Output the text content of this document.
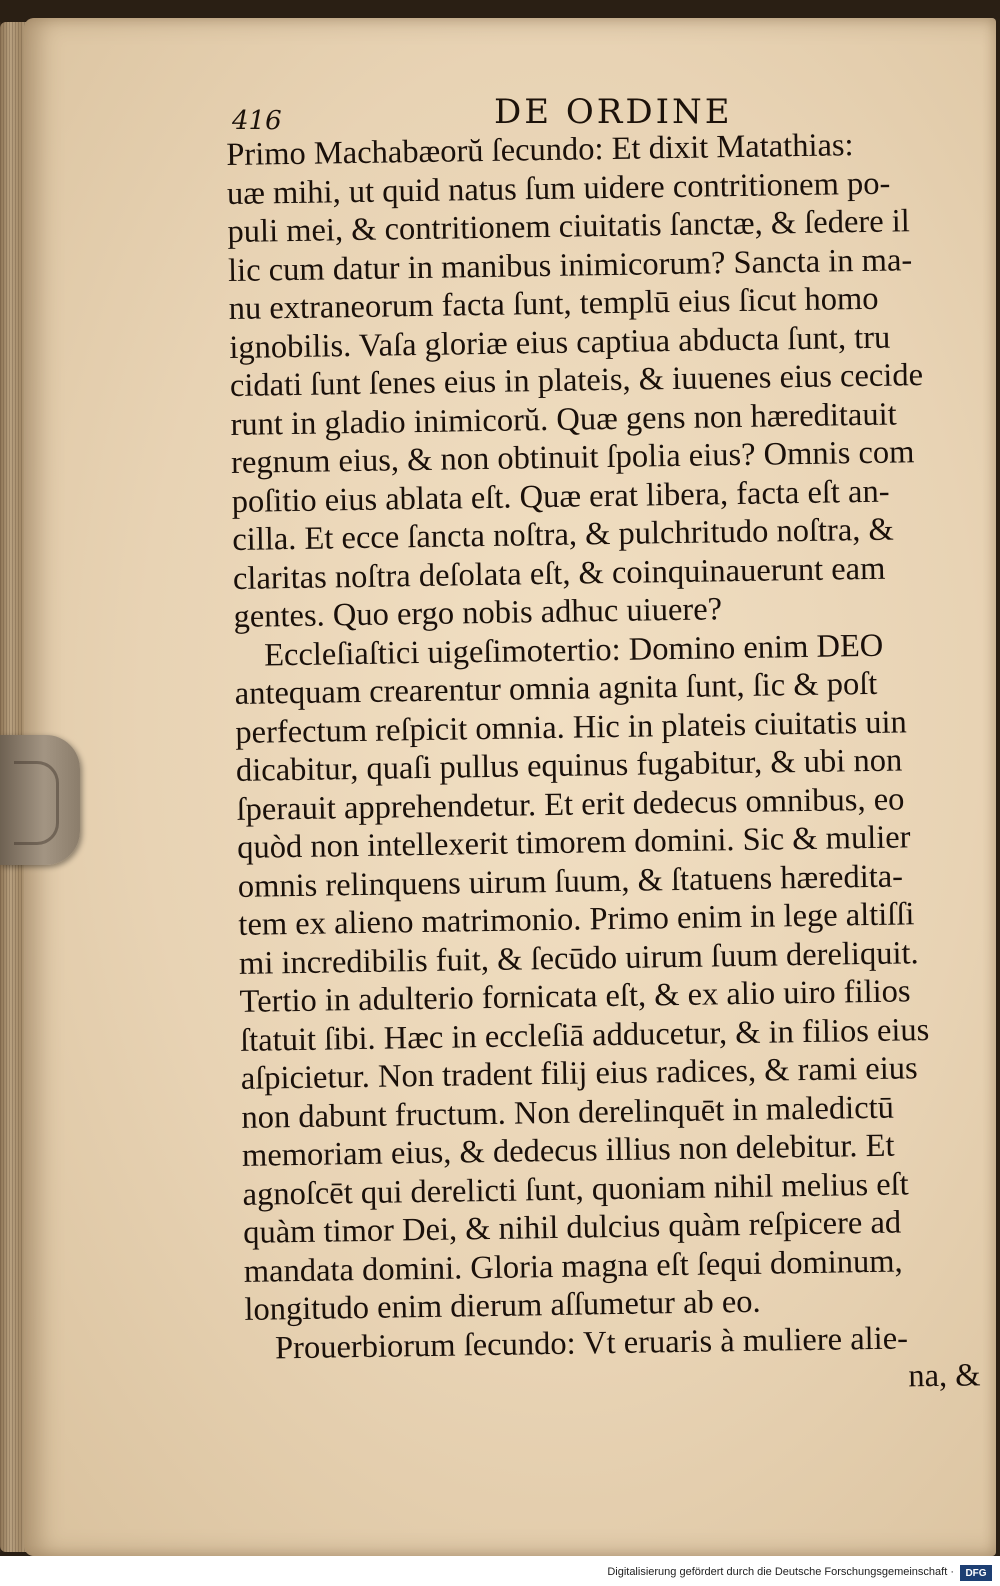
416	DE ORDINE
Primo Machabæorŭ ſecundo: Et dixit Matathias:
uæ mihi, ut quid natus ſum uidere contritionem po-
puli mei, & contritionem ciuitatis ſanctæ, & ſedere il
lic cum datur in manibus inimicorum? Sancta in ma-
nu extraneorum facta ſunt, templū eius ſicut homo
ignobilis. Vaſa gloriæ eius captiua abducta ſunt, tru
cidati ſunt ſenes eius in plateis, & iuuenes eius cecide
runt in gladio inimicorŭ. Quæ gens non hæreditauit
regnum eius, & non obtinuit ſpolia eius? Omnis com
poſitio eius ablata eſt. Quæ erat libera, facta eſt an-
cilla. Et ecce ſancta noſtra, & pulchritudo noſtra, &
claritas noſtra deſolata eſt, & coinquinauerunt eam
gentes. Quo ergo nobis adhuc uiuere?
Eccleſiaſtici uigeſimotertio: Domino enim DEO
antequam crearentur omnia agnita ſunt, ſic & poſt
perfectum reſpicit omnia. Hic in plateis ciuitatis uin
dicabitur, quaſi pullus equinus fugabitur, & ubi non
ſperauit apprehendetur. Et erit dedecus omnibus, eo
quòd non intellexerit timorem domini. Sic & mulier
omnis relinquens uirum ſuum, & ſtatuens hæredita-
tem ex alieno matrimonio. Primo enim in lege altiſſi
mi incredibilis fuit, & ſecūdo uirum ſuum dereliquit.
Tertio in adulterio fornicata eſt, & ex alio uiro filios
ſtatuit ſibi. Hæc in eccleſiā adducetur, & in filios eius
aſpicietur. Non tradent filij eius radices, & rami eius
non dabunt fructum. Non derelinquēt in maledictū
memoriam eius, & dedecus illius non delebitur. Et
agnoſcēt qui derelicti ſunt, quoniam nihil melius eſt
quàm timor Dei, & nihil dulcius quàm reſpicere ad
mandata domini. Gloria magna eſt ſequi dominum,
longitudo enim dierum aſſumetur ab eo.
Prouerbiorum ſecundo: Vt eruaris à muliere alie-
na, &
Digitalisierung gefördert durch die Deutsche Forschungsgemeinschaft ·	DFG
